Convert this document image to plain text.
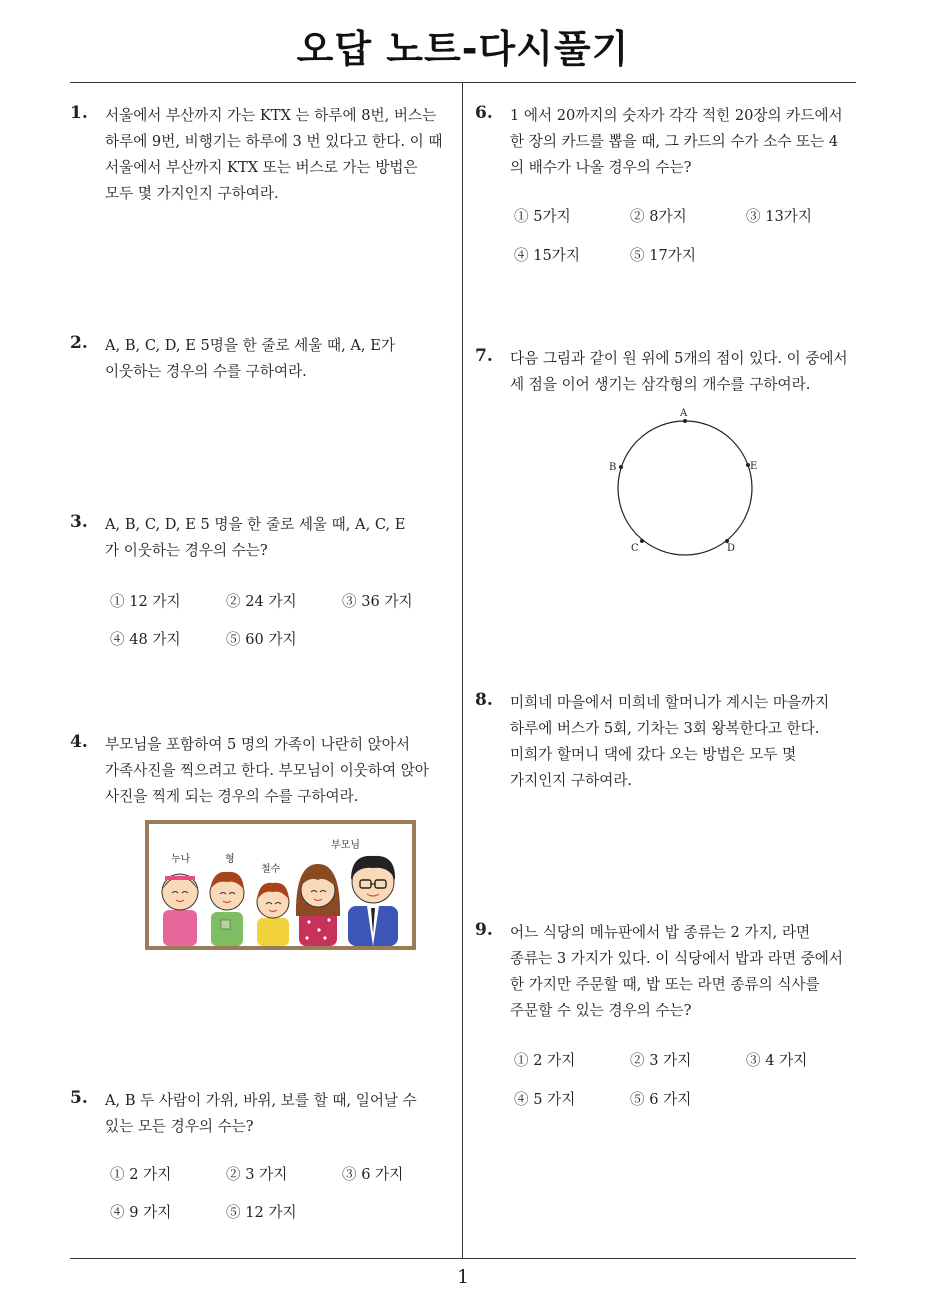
오답 노트-다시풀기
1
1. 서울에서 부산까지 가는 KTX 는 하루에 8번, 버스는
하루에 9번, 비행기는 하루에 3 번 있다고 한다. 이 때
서울에서 부산까지 KTX 또는 버스로 가는 방법은
모두 몇 가지인지 구하여라.
2. A, B, C, D, E 5명을 한 줄로 세울 때, A, E가
이웃하는 경우의 수를 구하여라.
3. A, B, C, D, E 5 명을 한 줄로 세울 때, A, C, E
가 이웃하는 경우의 수는?
① 12 가지	② 24 가지	③ 36 가지
④ 48 가지	⑤ 60 가지
4. 부모님을 포함하여 5 명의 가족이 나란히 앉아서
가족사진을 찍으려고 한다. 부모님이 이웃하여 앉아
사진을 찍게 되는 경우의 수를 구하여라.
누나	형
철수
부모님
5. A, B 두 사람이 가위, 바위, 보를 할 때, 일어날 수
있는 모든 경우의 수는?
① 2 가지	② 3 가지	③ 6 가지
④ 9 가지	⑤ 12 가지
6. 1 에서 20까지의 숫자가 각각 적힌 20장의 카드에서
한 장의 카드를 뽑을 때, 그 카드의 수가 소수 또는 4
의 배수가 나올 경우의 수는?
① 5가지	② 8가지	③ 13가지
④ 15가지	⑤ 17가지
7. 다음 그림과 같이 원 위에 5개의 점이 있다. 이 중에서
세 점을 이어 생기는 삼각형의 개수를 구하여라.
A
B	E
C	D
8. 미희네 마을에서 미희네 할머니가 계시는 마을까지
하루에 버스가 5회, 기차는 3회 왕복한다고 한다.
미희가 할머니 댁에 갔다 오는 방법은 모두 몇
가지인지 구하여라.
9. 어느 식당의 메뉴판에서 밥 종류는 2 가지, 라면
종류는 3 가지가 있다. 이 식당에서 밥과 라면 중에서
한 가지만 주문할 때, 밥 또는 라면 종류의 식사를
주문할 수 있는 경우의 수는?
① 2 가지	② 3 가지	③ 4 가지
④ 5 가지	⑤ 6 가지
